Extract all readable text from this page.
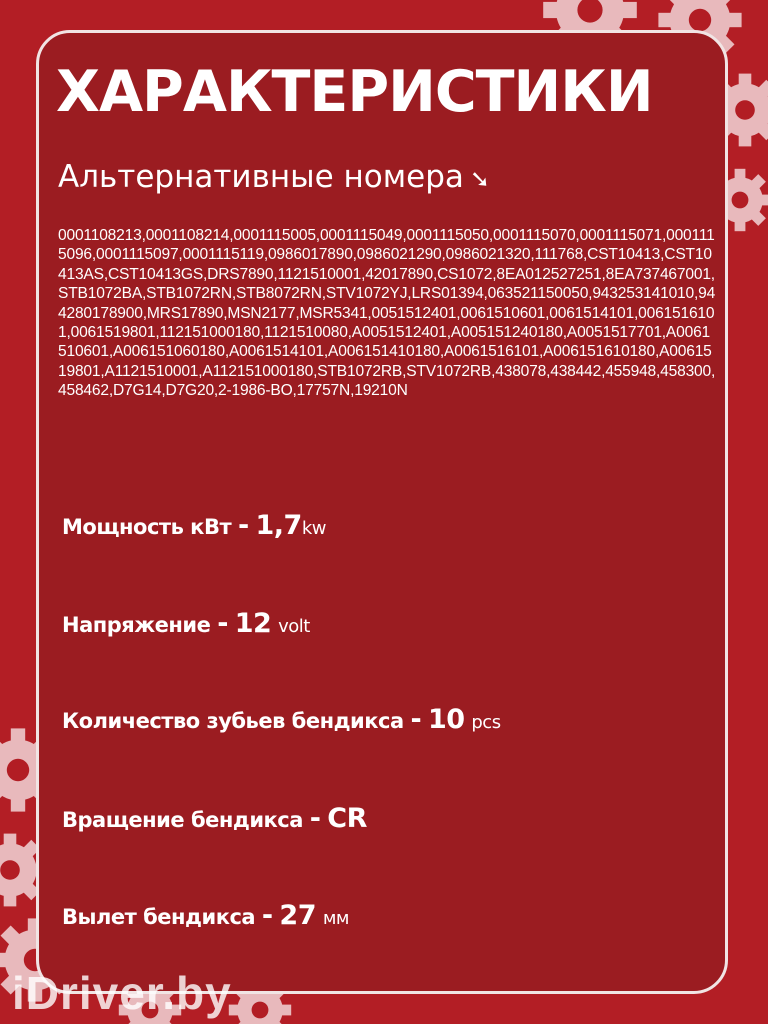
ХАРАКТЕРИСТИКИ
Альтернативные номера ➘
0001108213,0001108214,0001115005,0001115049,0001115050,0001115070,0001115071,0001115096,0001115097,0001115119,0986017890,0986021290,0986021320,111768,CST10413,CST10413AS,CST10413GS,DRS7890,1121510001,42017890,CS1072,8EA012527251,8EA737467001,STB1072BA,STB1072RN,STB8072RN,STV1072YJ,LRS01394,063521150050,943253141010,944280178900,MRS17890,MSN2177,MSR5341,0051512401,0061510601,0061514101,0061516101,0061519801,112151000180,1121510080,A0051512401,A005151240180,A0051517701,A0061510601,A006151060180,A0061514101,A006151410180,A0061516101,A006151610180,A0061519801,A1121510001,A112151000180,STB1072RB,STV1072RB,438078,438442,455948,458300,458462,D7G14,D7G20,2-1986-BO,17757N,19210N
Мощность кВт - 1,7kw
Напряжение - 12 volt
Количество зубьев бендикса - 10 pcs
Вращение бендикса - CR
Вылет бендикса - 27 мм
iDriver.by
